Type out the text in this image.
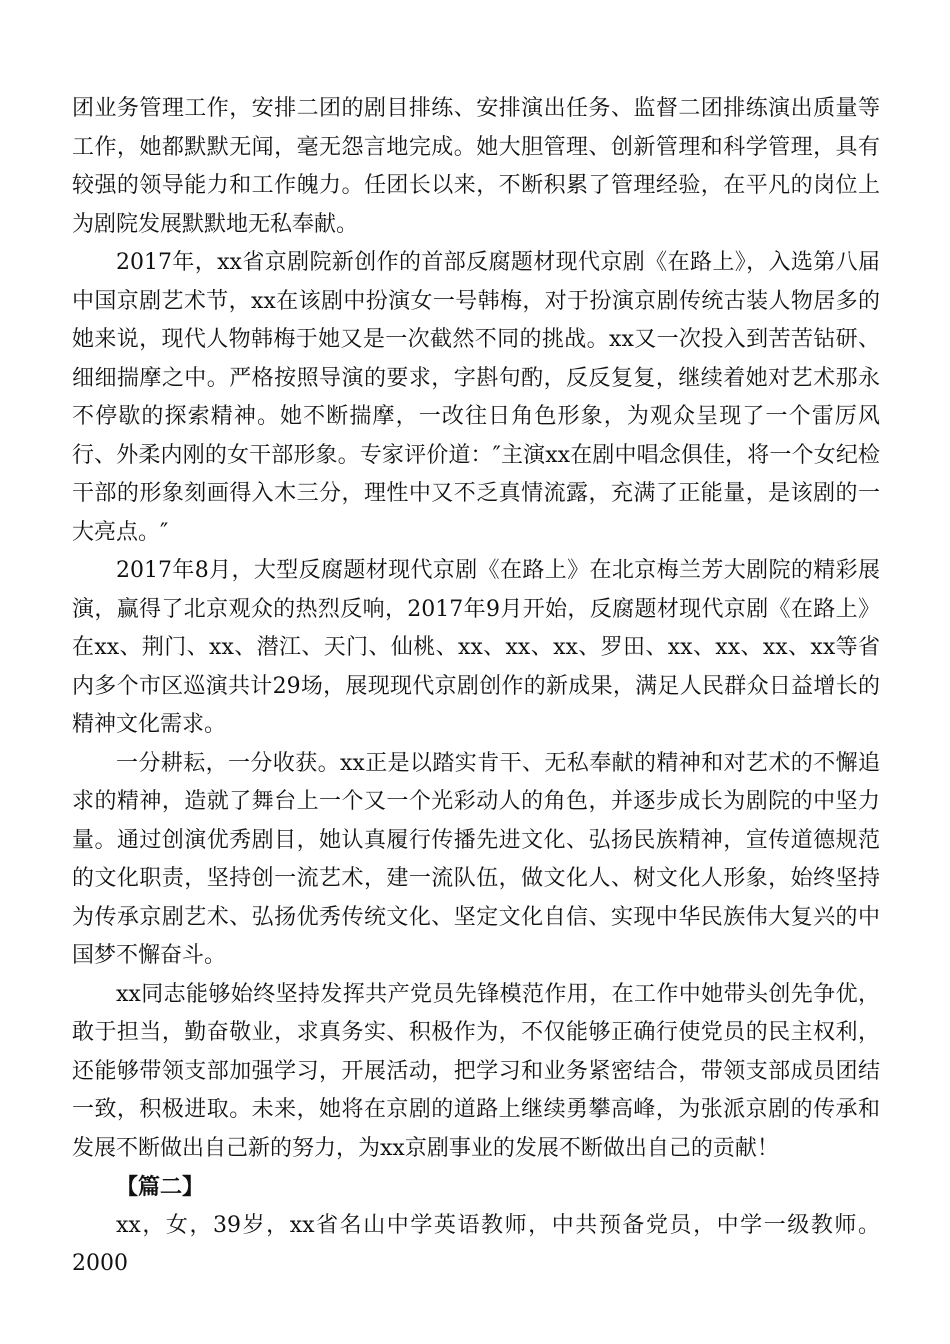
团业务管理工作，安排二团的剧目排练、安排演出任务、监督二团排练演出质量等工作，她都默默无闻，毫无怨言地完成。她大胆管理、创新管理和科学管理，具有较强的领导能力和工作魄力。任团长以来，不断积累了管理经验，在平凡的岗位上为剧院发展默默地无私奉献。

2017年，xx省京剧院新创作的首部反腐题材现代京剧《在路上》，入选第八届中国京剧艺术节，xx在该剧中扮演女一号韩梅，对于扮演京剧传统古装人物居多的她来说，现代人物韩梅于她又是一次截然不同的挑战。xx又一次投入到苦苦钻研、细细揣摩之中。严格按照导演的要求，字斟句酌，反反复复，继续着她对艺术那永不停歇的探索精神。她不断揣摩，一改往日角色形象，为观众呈现了一个雷厉风行、外柔内刚的女干部形象。专家评价道：″主演xx在剧中唱念俱佳，将一个女纪检干部的形象刻画得入木三分，理性中又不乏真情流露，充满了正能量，是该剧的一大亮点。″

2017年8月，大型反腐题材现代京剧《在路上》在北京梅兰芳大剧院的精彩展演，赢得了北京观众的热烈反响，2017年9月开始，反腐题材现代京剧《在路上》在xx、荆门、xx、潜江、天门、仙桃、xx、xx、xx、罗田、xx、xx、xx、xx等省内多个市区巡演共计29场，展现现代京剧创作的新成果，满足人民群众日益增长的精神文化需求。

一分耕耘，一分收获。xx正是以踏实肯干、无私奉献的精神和对艺术的不懈追求的精神，造就了舞台上一个又一个光彩动人的角色，并逐步成长为剧院的中坚力量。通过创演优秀剧目，她认真履行传播先进文化、弘扬民族精神，宣传道德规范的文化职责，坚持创一流艺术，建一流队伍，做文化人、树文化人形象，始终坚持为传承京剧艺术、弘扬优秀传统文化、坚定文化自信、实现中华民族伟大复兴的中国梦不懈奋斗。

xx同志能够始终坚持发挥共产党员先锋模范作用，在工作中她带头创先争优，敢于担当，勤奋敬业，求真务实、积极作为，不仅能够正确行使党员的民主权利，还能够带领支部加强学习，开展活动，把学习和业务紧密结合，带领支部成员团结一致，积极进取。未来，她将在京剧的道路上继续勇攀高峰，为张派京剧的传承和发展不断做出自己新的努力，为xx京剧事业的发展不断做出自己的贡献！

【篇二】

xx，女，39岁，xx省名山中学英语教师，中共预备党员，中学一级教师。2000
